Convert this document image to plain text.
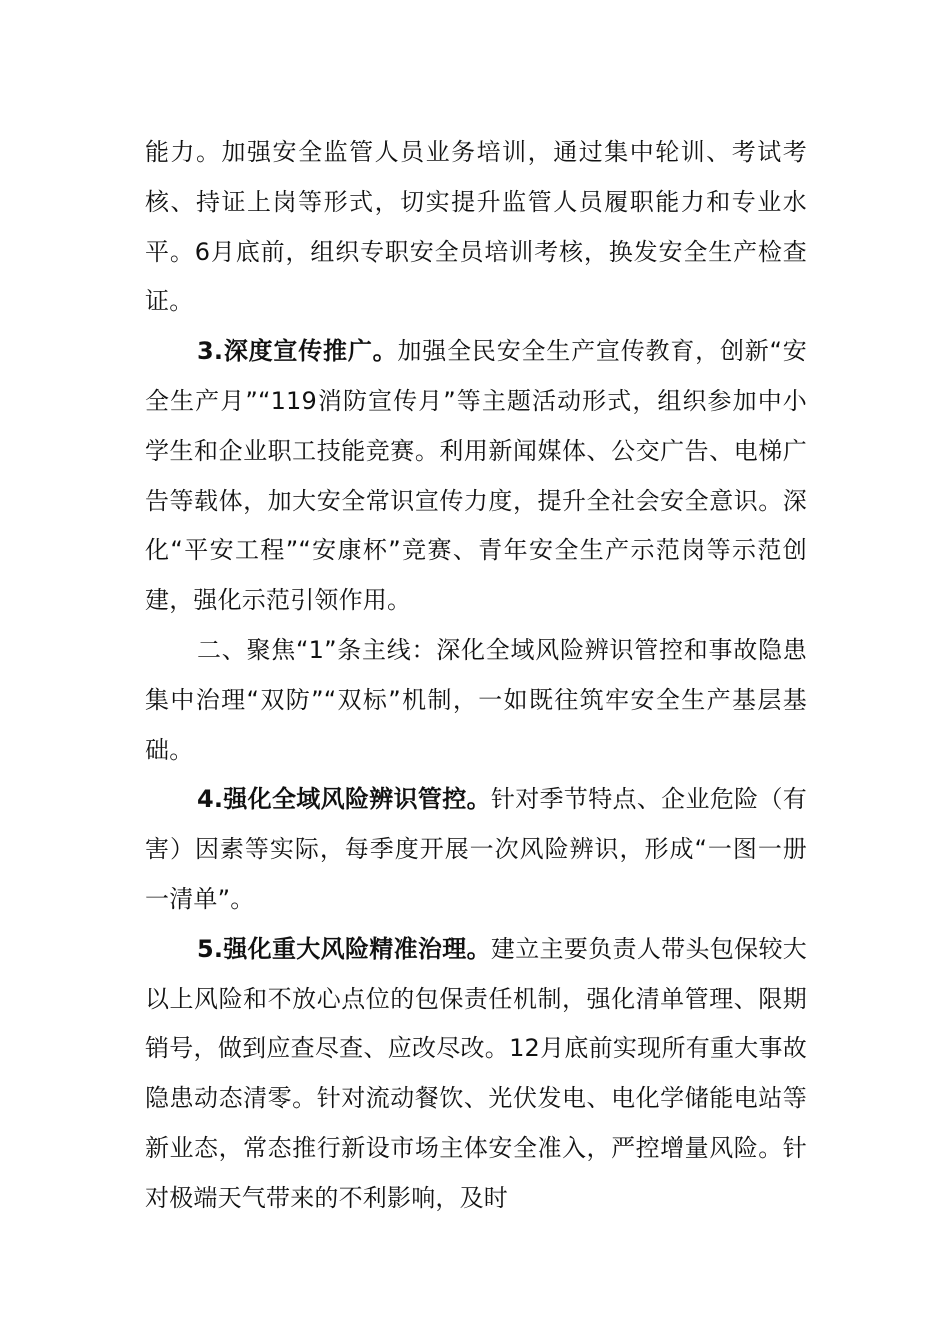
能力。加强安全监管人员业务培训，通过集中轮训、考试考核、持证上岗等形式，切实提升监管人员履职能力和专业水平。6月底前，组织专职安全员培训考核，换发安全生产检查证。

3.深度宣传推广。加强全民安全生产宣传教育，创新“安全生产月”“119消防宣传月”等主题活动形式，组织参加中小学生和企业职工技能竞赛。利用新闻媒体、公交广告、电梯广告等载体，加大安全常识宣传力度，提升全社会安全意识。深化“平安工程”“安康杯”竞赛、青年安全生产示范岗等示范创建，强化示范引领作用。

二、聚焦“1”条主线：深化全域风险辨识管控和事故隐患集中治理“双防”“双标”机制，一如既往筑牢安全生产基层基础。

4.强化全域风险辨识管控。针对季节特点、企业危险（有害）因素等实际，每季度开展一次风险辨识，形成“一图一册一清单”。

5.强化重大风险精准治理。建立主要负责人带头包保较大以上风险和不放心点位的包保责任机制，强化清单管理、限期销号，做到应查尽查、应改尽改。12月底前实现所有重大事故隐患动态清零。针对流动餐饮、光伏发电、电化学储能电站等新业态，常态推行新设市场主体安全准入，严控增量风险。针对极端天气带来的不利影响，及时
